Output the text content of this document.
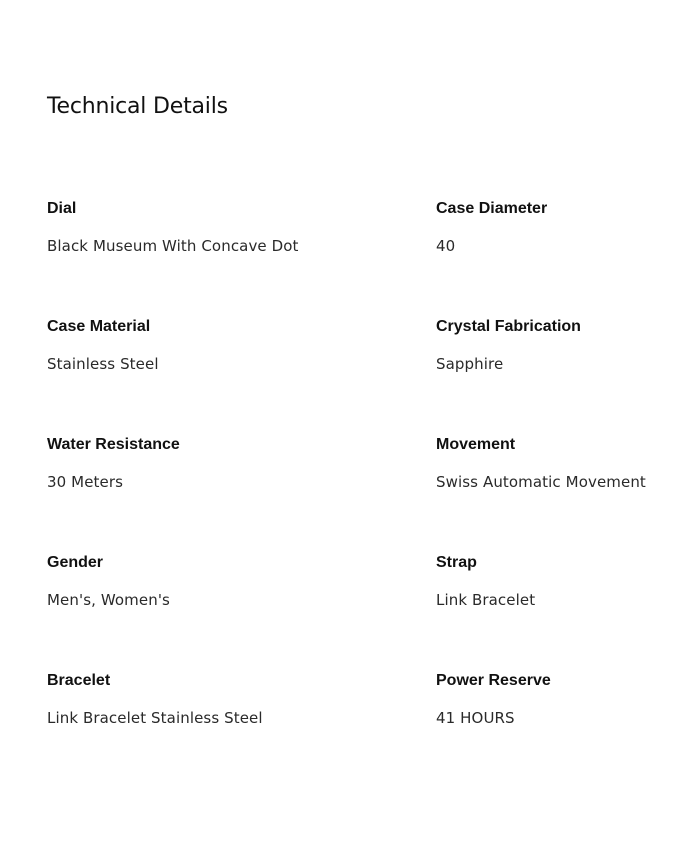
Technical Details
Dial
Black Museum With Concave Dot
Case Diameter
40
Case Material
Stainless Steel
Crystal Fabrication
Sapphire
Water Resistance
30 Meters
Movement
Swiss Automatic Movement
Gender
Men's, Women's
Strap
Link Bracelet
Bracelet
Link Bracelet Stainless Steel
Power Reserve
41 HOURS
